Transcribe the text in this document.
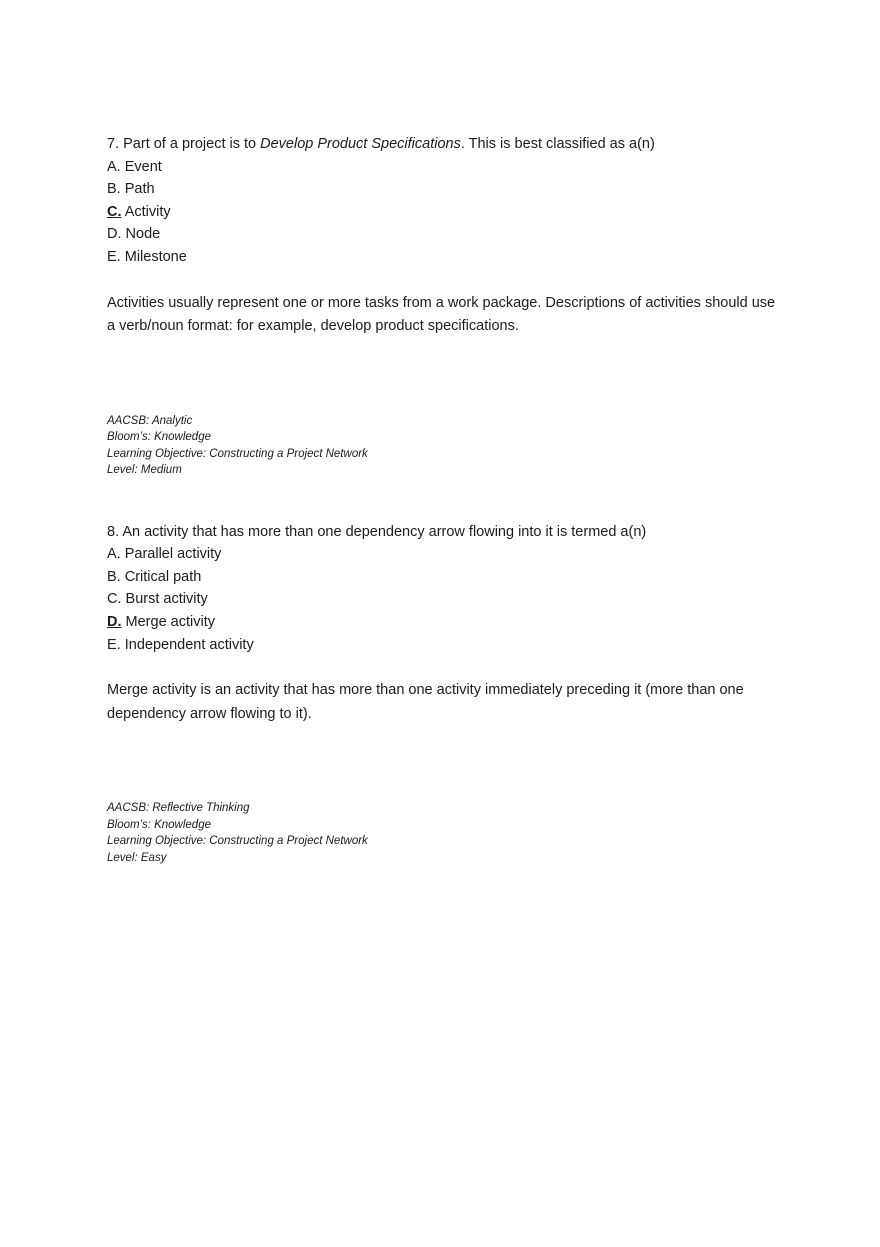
7. Part of a project is to Develop Product Specifications. This is best classified as a(n)

A. Event

B. Path

C. Activity

D. Node

E. Milestone

Activities usually represent one or more tasks from a work package. Descriptions of activities should use a verb/noun format: for example, develop product specifications.

AACSB: Analytic

Bloom’s: Knowledge

Learning Objective: Constructing a Project Network

Level: Medium

8. An activity that has more than one dependency arrow flowing into it is termed a(n)

A. Parallel activity

B. Critical path

C. Burst activity

D. Merge activity

E. Independent activity

Merge activity is an activity that has more than one activity immediately preceding it (more than one dependency arrow flowing to it).

AACSB: Reflective Thinking

Bloom’s: Knowledge

Learning Objective: Constructing a Project Network

Level: Easy
